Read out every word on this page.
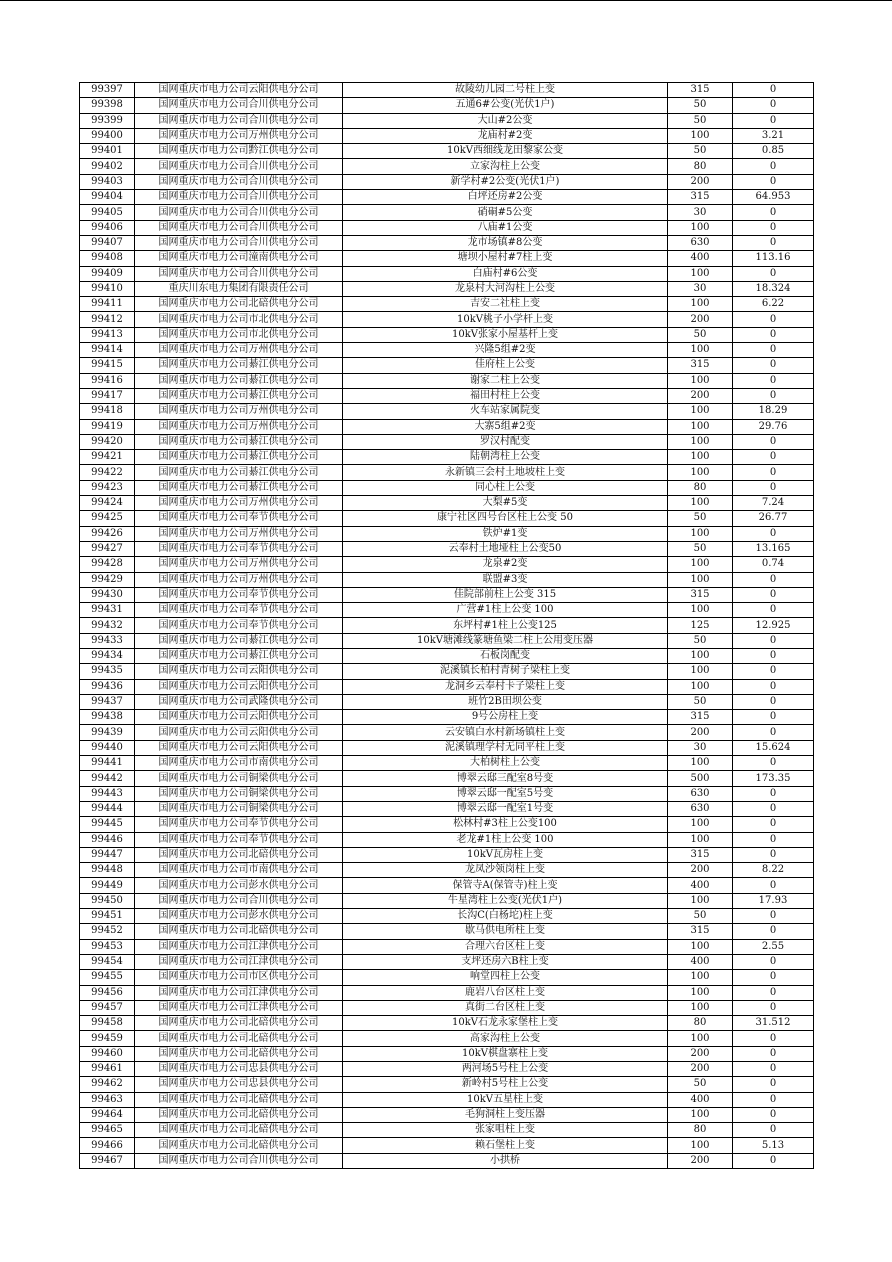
99397	国网重庆市电力公司云阳供电分公司	故陵幼儿园二号柱上变	315	0
99398	国网重庆市电力公司合川供电分公司	五通6#公变(光伏1户)	50	0
99399	国网重庆市电力公司合川供电分公司	大山#2公变	50	0
99400	国网重庆市电力公司万州供电分公司	龙庙村#2变	100	3.21
99401	国网重庆市电力公司黔江供电分公司	10kV西细线龙田黎家公变	50	0.85
99402	国网重庆市电力公司合川供电分公司	立家沟柱上公变	80	0
99403	国网重庆市电力公司合川供电分公司	新学村#2公变(光伏1户)	200	0
99404	国网重庆市电力公司合川供电分公司	白坪还房#2公变	315	64.953
99405	国网重庆市电力公司合川供电分公司	硝硐#5公变	30	0
99406	国网重庆市电力公司合川供电分公司	八庙#1公变	100	0
99407	国网重庆市电力公司合川供电分公司	龙市场镇#8公变	630	0
99408	国网重庆市电力公司潼南供电分公司	塘坝小屋村#7柱上变	400	113.16
99409	国网重庆市电力公司合川供电分公司	白庙村#6公变	100	0
99410	重庆川东电力集团有限责任公司	龙泉村大河沟柱上公变	30	18.324
99411	国网重庆市电力公司北碚供电分公司	吉安二社柱上变	100	6.22
99412	国网重庆市电力公司市北供电分公司	10kV桃子小学杆上变	200	0
99413	国网重庆市电力公司市北供电分公司	10kV张家小屋基杆上变	50	0
99414	国网重庆市电力公司万州供电分公司	兴隆5组#2变	100	0
99415	国网重庆市电力公司綦江供电分公司	佳府柱上公变	315	0
99416	国网重庆市电力公司綦江供电分公司	谢家二柱上公变	100	0
99417	国网重庆市电力公司綦江供电分公司	福田村柱上公变	200	0
99418	国网重庆市电力公司万州供电分公司	火车站家属院变	100	18.29
99419	国网重庆市电力公司万州供电分公司	大寨5组#2变	100	29.76
99420	国网重庆市电力公司綦江供电分公司	罗汉村配变	100	0
99421	国网重庆市电力公司綦江供电分公司	陆朝湾柱上公变	100	0
99422	国网重庆市电力公司綦江供电分公司	永新镇三会村土地坡柱上变	100	0
99423	国网重庆市电力公司綦江供电分公司	同心柱上公变	80	0
99424	国网重庆市电力公司万州供电分公司	大梨#5变	100	7.24
99425	国网重庆市电力公司奉节供电分公司	康宁社区四号台区柱上公变 50	50	26.77
99426	国网重庆市电力公司万州供电分公司	铁炉#1变	100	0
99427	国网重庆市电力公司奉节供电分公司	云奉村土地垭柱上公变50	50	13.165
99428	国网重庆市电力公司万州供电分公司	龙泉#2变	100	0.74
99429	国网重庆市电力公司万州供电分公司	联盟#3变	100	0
99430	国网重庆市电力公司奉节供电分公司	佳院部前柱上公变 315	315	0
99431	国网重庆市电力公司奉节供电分公司	广营#1柱上公变 100	100	0
99432	国网重庆市电力公司奉节供电分公司	东坪村#1柱上公变125	125	12.925
99433	国网重庆市电力公司綦江供电分公司	10kV塘滩线篆塘鱼梁二柱上公用变压器	50	0
99434	国网重庆市电力公司綦江供电分公司	石板岗配变	100	0
99435	国网重庆市电力公司云阳供电分公司	泥溪镇长柏村青树子梁柱上变	100	0
99436	国网重庆市电力公司云阳供电分公司	龙洞乡云奉村卡子梁柱上变	100	0
99437	国网重庆市电力公司武隆供电分公司	班竹2B田坝公变	50	0
99438	国网重庆市电力公司云阳供电分公司	9号公房柱上变	315	0
99439	国网重庆市电力公司云阳供电分公司	云安镇白水村新场镇柱上变	200	0
99440	国网重庆市电力公司云阳供电分公司	泥溪镇理学村无同平柱上变	30	15.624
99441	国网重庆市电力公司市南供电分公司	大柏树柱上公变	100	0
99442	国网重庆市电力公司铜梁供电分公司	博翠云邸三配室8号变	500	173.35
99443	国网重庆市电力公司铜梁供电分公司	博翠云邸一配室5号变	630	0
99444	国网重庆市电力公司铜梁供电分公司	博翠云邸一配室1号变	630	0
99445	国网重庆市电力公司奉节供电分公司	松林村#3柱上公变100	100	0
99446	国网重庆市电力公司奉节供电分公司	老龙#1柱上公变 100	100	0
99447	国网重庆市电力公司北碚供电分公司	10kV瓦房柱上变	315	0
99448	国网重庆市电力公司市南供电分公司	龙凤沙领岗柱上变	200	8.22
99449	国网重庆市电力公司彭水供电分公司	保管寺A(保管寺)柱上变	400	0
99450	国网重庆市电力公司合川供电分公司	牛星湾柱上公变(光伏1户)	100	17.93
99451	国网重庆市电力公司彭水供电分公司	长沟C(白杨坨)柱上变	50	0
99452	国网重庆市电力公司北碚供电分公司	歇马供电所柱上变	315	0
99453	国网重庆市电力公司江津供电分公司	合理六台区柱上变	100	2.55
99454	国网重庆市电力公司江津供电分公司	支坪还房六B柱上变	400	0
99455	国网重庆市电力公司市区供电分公司	响堂四柱上公变	100	0
99456	国网重庆市电力公司江津供电分公司	鹿岩八台区柱上变	100	0
99457	国网重庆市电力公司江津供电分公司	真街二台区柱上变	100	0
99458	国网重庆市电力公司北碚供电分公司	10kV石龙永家堡柱上变	80	31.512
99459	国网重庆市电力公司北碚供电分公司	高家沟柱上公变	100	0
99460	国网重庆市电力公司北碚供电分公司	10kV棋盘寨柱上变	200	0
99461	国网重庆市电力公司忠县供电分公司	两河场5号柱上公变	200	0
99462	国网重庆市电力公司忠县供电分公司	新岭村5号柱上公变	50	0
99463	国网重庆市电力公司北碚供电分公司	10kV五星柱上变	400	0
99464	国网重庆市电力公司北碚供电分公司	毛狗洞柱上变压器	100	0
99465	国网重庆市电力公司北碚供电分公司	张家咀柱上变	80	0
99466	国网重庆市电力公司北碚供电分公司	赖石堡柱上变	100	5.13
99467	国网重庆市电力公司合川供电分公司	小拱桥	200	0
